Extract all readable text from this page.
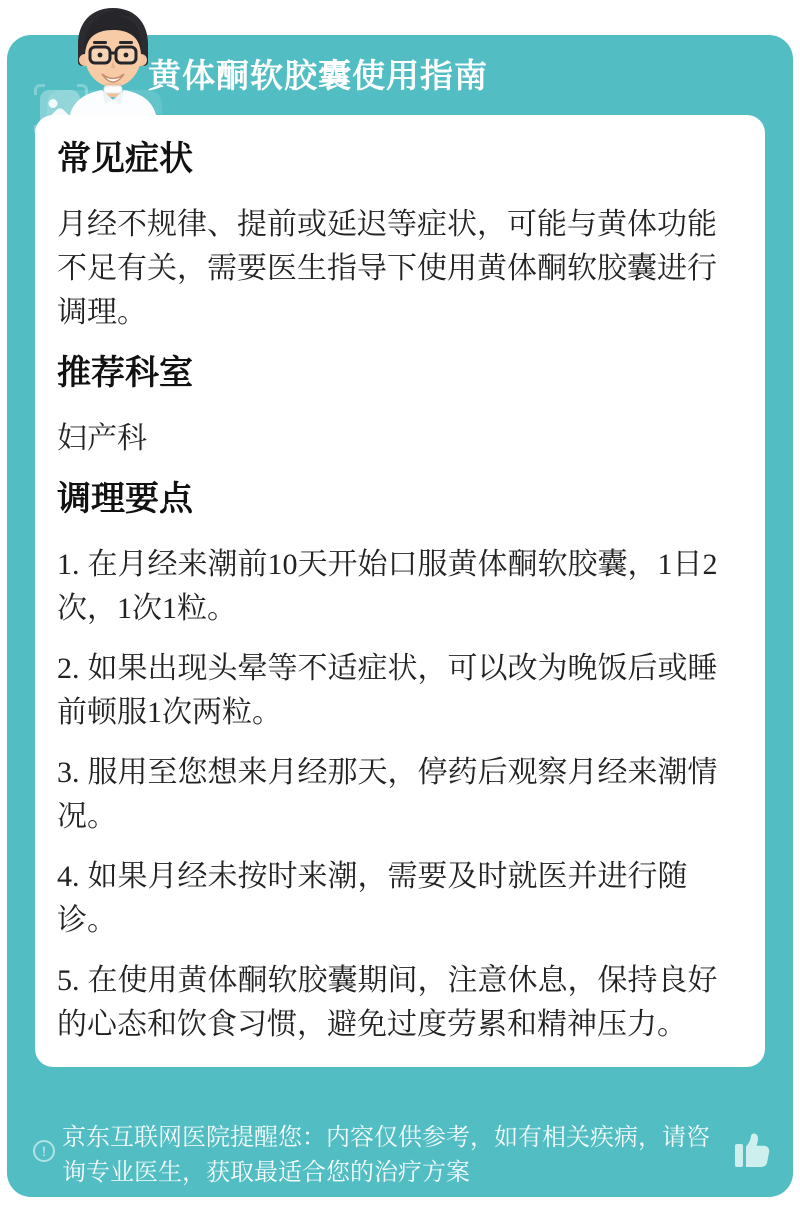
黄体酮软胶囊使用指南
常见症状

月经不规律、提前或延迟等症状，可能与黄体功能不足有关，需要医生指导下使用黄体酮软胶囊进行调理。

推荐科室

妇产科

调理要点

1. 在月经来潮前10天开始口服黄体酮软胶囊，1日2次，1次1粒。

2. 如果出现头晕等不适症状，可以改为晚饭后或睡前顿服1次两粒。

3. 服用至您想来月经那天，停药后观察月经来潮情况。

4. 如果月经未按时来潮，需要及时就医并进行随诊。

5. 在使用黄体酮软胶囊期间，注意休息，保持良好的心态和饮食习惯，避免过度劳累和精神压力。

! 京东互联网医院提醒您：内容仅供参考，如有相关疾病，请咨询专业医生，获取最适合您的治疗方案
